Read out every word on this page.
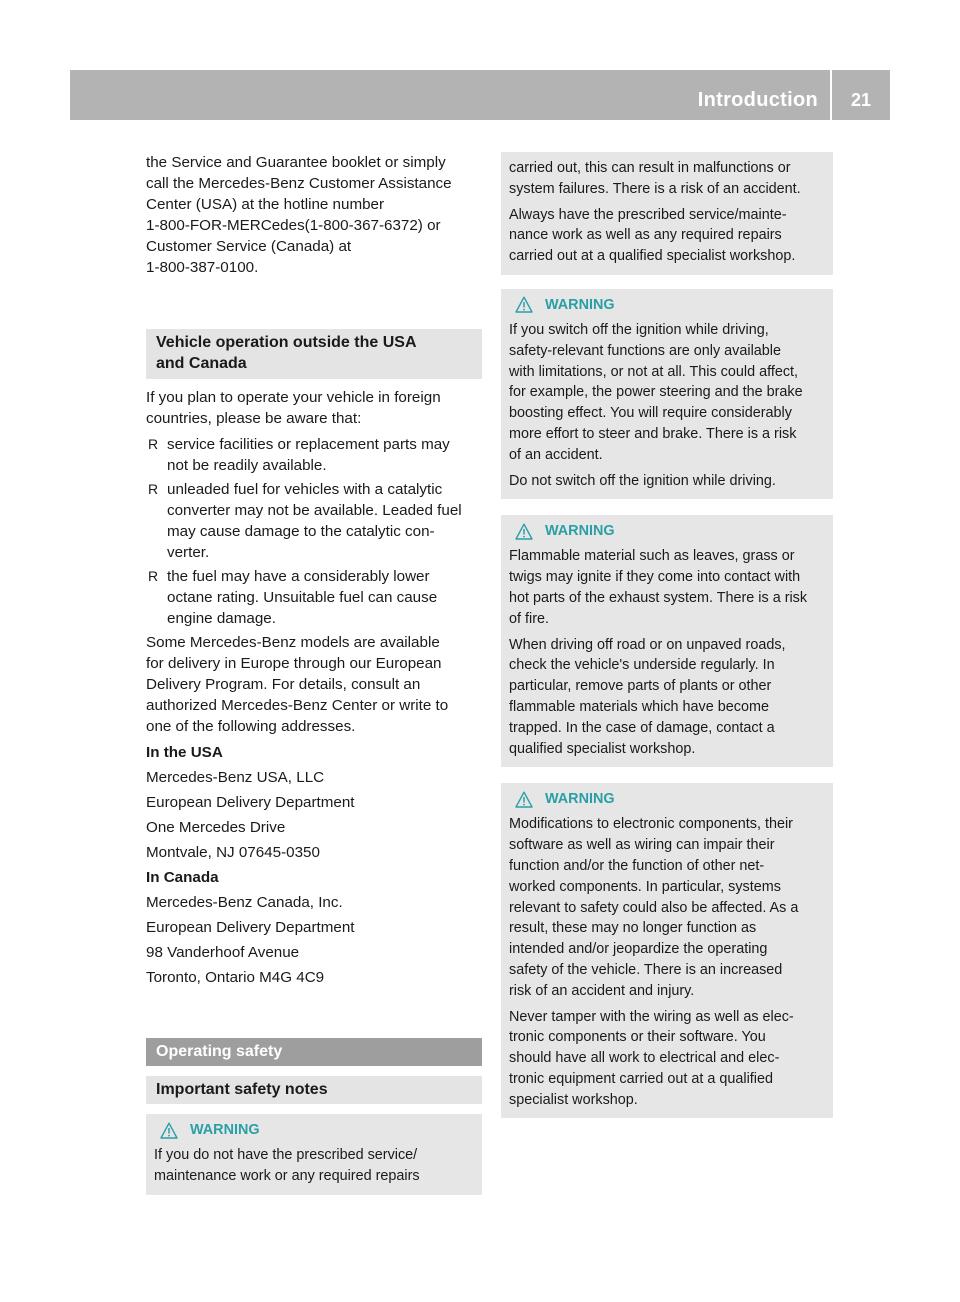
Introduction	21

the Service and Guarantee booklet or simply
call the Mercedes-Benz Customer Assistance
Center (USA) at the hotline number
1-800-FOR-MERCedes(1-800-367-6372) or
Customer Service (Canada) at
1-800-387-0100.

Vehicle operation outside the USA
and Canada

If you plan to operate your vehicle in foreign
countries, please be aware that:

R service facilities or replacement parts may
not be readily available.
R unleaded fuel for vehicles with a catalytic
converter may not be available. Leaded fuel
may cause damage to the catalytic con-
verter.
R the fuel may have a considerably lower
octane rating. Unsuitable fuel can cause
engine damage.

Some Mercedes-Benz models are available
for delivery in Europe through our European
Delivery Program. For details, consult an
authorized Mercedes-Benz Center or write to
one of the following addresses.

In the USA
Mercedes-Benz USA, LLC
European Delivery Department
One Mercedes Drive
Montvale, NJ 07645-0350
In Canada
Mercedes-Benz Canada, Inc.
European Delivery Department
98 Vanderhoof Avenue
Toronto, Ontario M4G 4C9
Operating safety
Important safety notes
WARNING

If you do not have the prescribed service/
maintenance work or any required repairs

carried out, this can result in malfunctions or
system failures. There is a risk of an accident.

Always have the prescribed service/mainte-
nance work as well as any required repairs
carried out at a qualified specialist workshop.

WARNING

If you switch off the ignition while driving,
safety-relevant functions are only available
with limitations, or not at all. This could affect,
for example, the power steering and the brake
boosting effect. You will require considerably
more effort to steer and brake. There is a risk
of an accident.

Do not switch off the ignition while driving.

WARNING

Flammable material such as leaves, grass or
twigs may ignite if they come into contact with
hot parts of the exhaust system. There is a risk
of fire.

When driving off road or on unpaved roads,
check the vehicle's underside regularly. In
particular, remove parts of plants or other
flammable materials which have become
trapped. In the case of damage, contact a
qualified specialist workshop.

WARNING

Modifications to electronic components, their
software as well as wiring can impair their
function and/or the function of other net-
worked components. In particular, systems
relevant to safety could also be affected. As a
result, these may no longer function as
intended and/or jeopardize the operating
safety of the vehicle. There is an increased
risk of an accident and injury.

Never tamper with the wiring as well as elec-
tronic components or their software. You
should have all work to electrical and elec-
tronic equipment carried out at a qualified
specialist workshop.
